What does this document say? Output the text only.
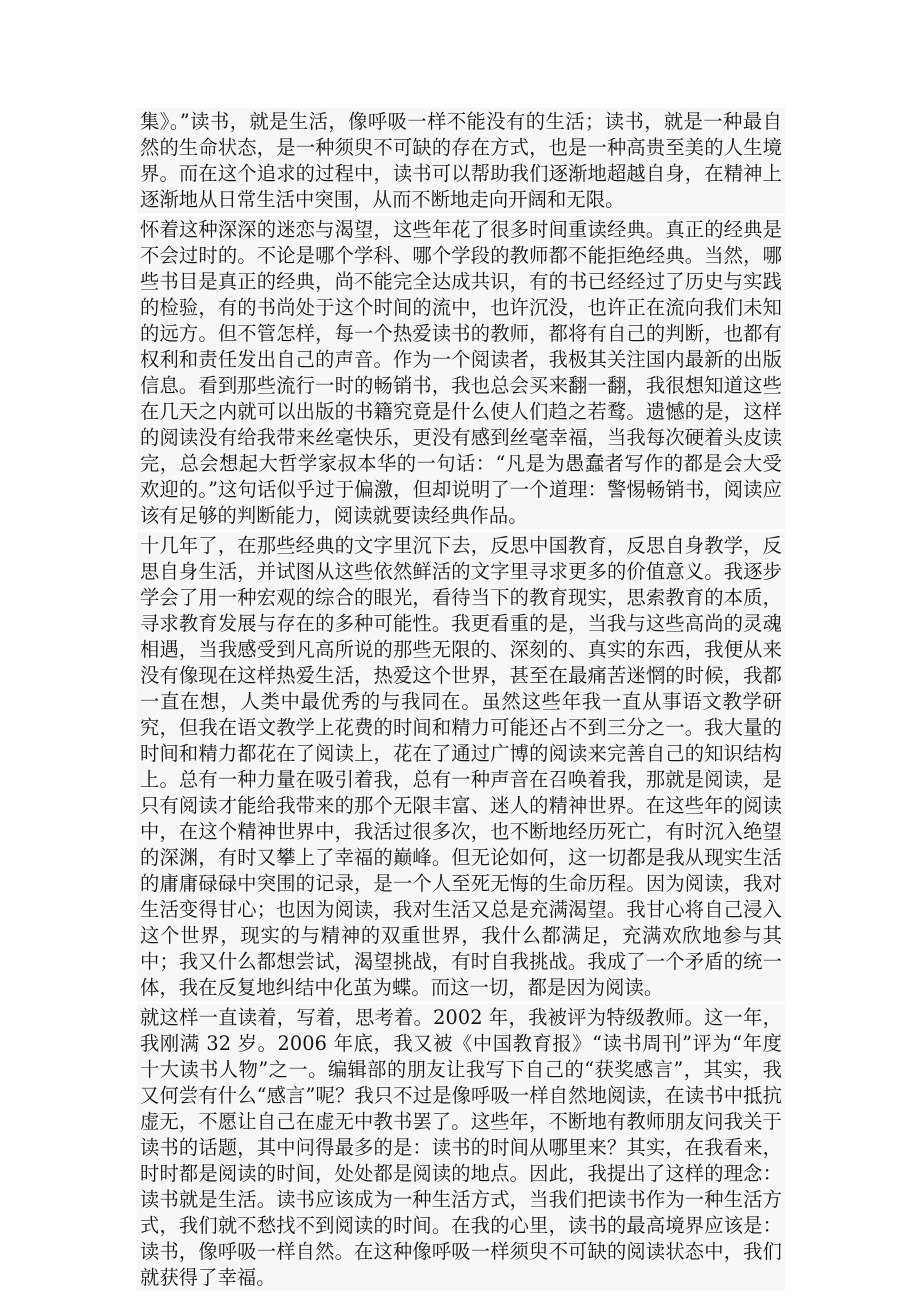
集》。”读书，就是生活，像呼吸一样不能没有的生活；读书，就是一种最自然的生命状态，是一种须臾不可缺的存在方式，也是一种高贵至美的人生境界。而在这个追求的过程中，读书可以帮助我们逐渐地超越自身，在精神上逐渐地从日常生活中突围，从而不断地走向开阔和无限。

怀着这种深深的迷恋与渴望，这些年花了很多时间重读经典。真正的经典是不会过时的。不论是哪个学科、哪个学段的教师都不能拒绝经典。当然，哪些书目是真正的经典，尚不能完全达成共识，有的书已经经过了历史与实践的检验，有的书尚处于这个时间的流中，也许沉没，也许正在流向我们未知的远方。但不管怎样，每一个热爱读书的教师，都将有自己的判断，也都有权利和责任发出自己的声音。作为一个阅读者，我极其关注国内最新的出版信息。看到那些流行一时的畅销书，我也总会买来翻一翻，我很想知道这些在几天之内就可以出版的书籍究竟是什么使人们趋之若鹜。遗憾的是，这样的阅读没有给我带来丝毫快乐，更没有感到丝毫幸福，当我每次硬着头皮读完，总会想起大哲学家叔本华的一句话：“凡是为愚蠢者写作的都是会大受欢迎的。”这句话似乎过于偏激，但却说明了一个道理：警惕畅销书，阅读应该有足够的判断能力，阅读就要读经典作品。

十几年了，在那些经典的文字里沉下去，反思中国教育，反思自身教学，反思自身生活，并试图从这些依然鲜活的文字里寻求更多的价值意义。我逐步学会了用一种宏观的综合的眼光，看待当下的教育现实，思索教育的本质，寻求教育发展与存在的多种可能性。我更看重的是，当我与这些高尚的灵魂相遇，当我感受到凡高所说的那些无限的、深刻的、真实的东西，我便从来没有像现在这样热爱生活，热爱这个世界，甚至在最痛苦迷惘的时候，我都一直在想，人类中最优秀的与我同在。虽然这些年我一直从事语文教学研究，但我在语文教学上花费的时间和精力可能还占不到三分之一。我大量的时间和精力都花在了阅读上，花在了通过广博的阅读来完善自己的知识结构上。总有一种力量在吸引着我，总有一种声音在召唤着我，那就是阅读，是只有阅读才能给我带来的那个无限丰富、迷人的精神世界。在这些年的阅读中，在这个精神世界中，我活过很多次，也不断地经历死亡，有时沉入绝望的深渊，有时又攀上了幸福的巅峰。但无论如何，这一切都是我从现实生活的庸庸碌碌中突围的记录，是一个人至死无悔的生命历程。因为阅读，我对生活变得甘心；也因为阅读，我对生活又总是充满渴望。我甘心将自己浸入这个世界，现实的与精神的双重世界，我什么都满足，充满欢欣地参与其中；我又什么都想尝试，渴望挑战，有时自我挑战。我成了一个矛盾的统一体，我在反复地纠结中化茧为蝶。而这一切，都是因为阅读。

就这样一直读着，写着，思考着。2002 年，我被评为特级教师。这一年，我刚满 32 岁。2006 年底，我又被《中国教育报》“读书周刊”评为“年度十大读书人物”之一。编辑部的朋友让我写下自己的“获奖感言”，其实，我又何尝有什么“感言”呢？我只不过是像呼吸一样自然地阅读，在读书中抵抗虚无，不愿让自己在虚无中教书罢了。这些年，不断地有教师朋友问我关于读书的话题，其中问得最多的是：读书的时间从哪里来？其实，在我看来，时时都是阅读的时间，处处都是阅读的地点。因此，我提出了这样的理念：读书就是生活。读书应该成为一种生活方式，当我们把读书作为一种生活方式，我们就不愁找不到阅读的时间。在我的心里，读书的最高境界应该是：读书，像呼吸一样自然。在这种像呼吸一样须臾不可缺的阅读状态中，我们就获得了幸福。
